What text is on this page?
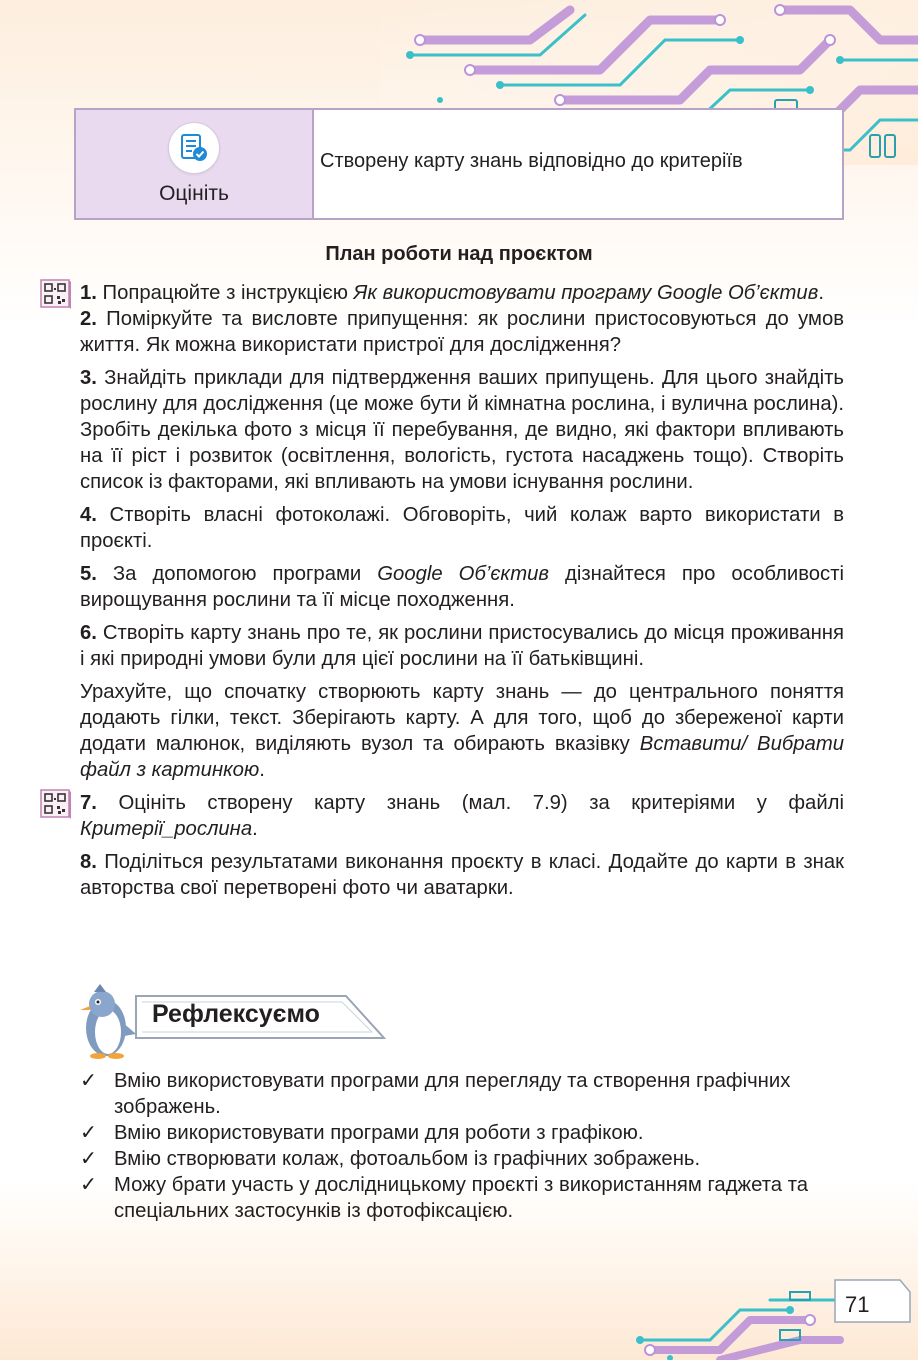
Оцініть
Створену карту знань відповідно до критеріїв
План роботи над проєктом

1. Попрацюйте з інструкцією Як використовувати програму Google Об’єктив.

2. Поміркуйте та висловте припущення: як рослини пристосовуються до умов життя. Як можна використати пристрої для дослідження?

3. Знайдіть приклади для підтвердження ваших припущень. Для цього знайдіть рослину для дослідження (це може бути й кімнатна рослина, і вулична рослина). Зробіть декілька фото з місця її перебування, де видно, які фактори впливають на її ріст і розвиток (освітлення, вологість, густота насаджень тощо). Створіть список із факторами, які впливають на умови існування рослини.

4. Створіть власні фотоколажі. Обговоріть, чий колаж варто використати в проєкті.

5. За допомогою програми Google Об’єктив дізнайтеся про особливості вирощування рослини та її місце походження.

6. Створіть карту знань про те, як рослини пристосувались до місця проживання і які природні умови були для цієї рослини на її батьківщині.

Урахуйте, що спочатку створюють карту знань — до центрального поняття додають гілки, текст. Зберігають карту. А для того, щоб до збереженої карти додати малюнок, виділяють вузол та обирають вказівку Вставити/ Вибрати файл з картинкою.

7. Оцініть створену карту знань (мал. 7.9) за критеріями у файлі Критерії_рослина.

8. Поділіться результатами виконання проєкту в класі. Додайте до карти в знак авторства свої перетворені фото чи аватарки.

Рефлексуємо

✓ Вмію використовувати програми для перегляду та створення графічних зображень.

✓ Вмію використовувати програми для роботи з графікою.

✓ Вмію створювати колаж, фотоальбом із графічних зображень.

✓ Можу брати участь у дослідницькому проєкті з використанням гаджета та спеціальних застосунків із фотофіксацією.

71
